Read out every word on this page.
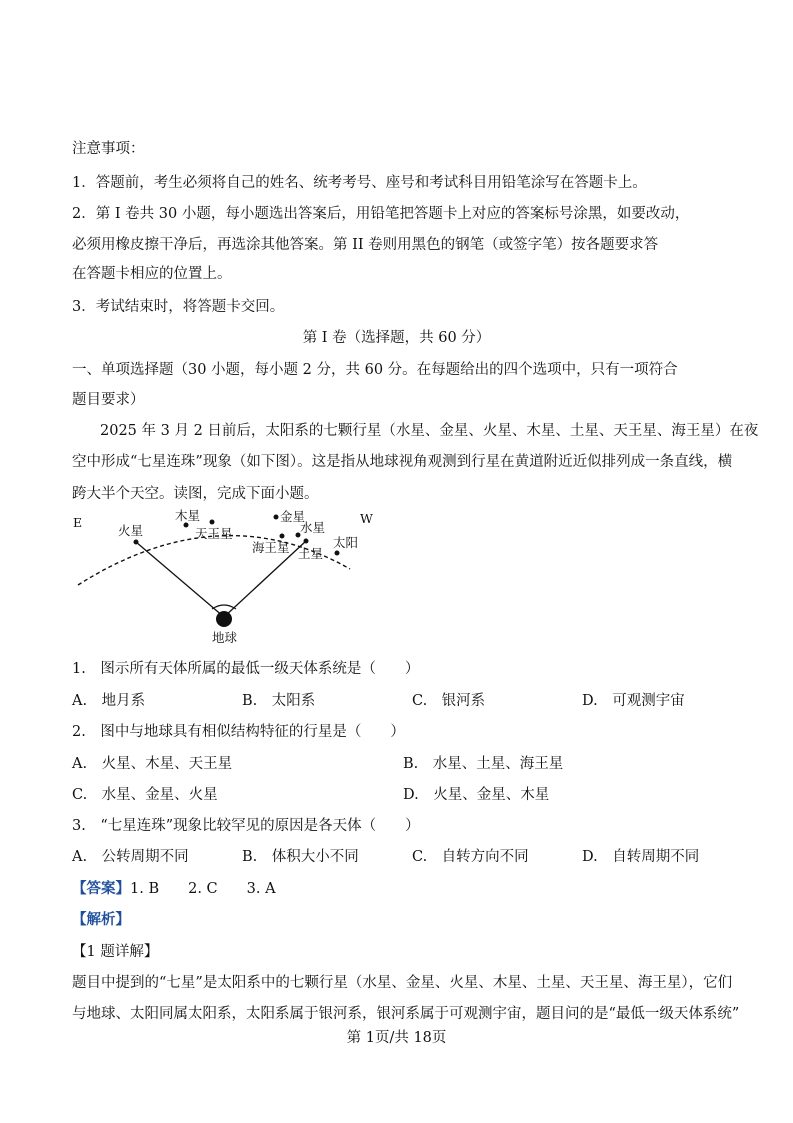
注意事项：
1．答题前，考生必须将自己的姓名、统考考号、座号和考试科目用铅笔涂写在答题卡上。
2．第 I 卷共 30 小题，每小题选出答案后，用铅笔把答题卡上对应的答案标号涂黑，如要改动，
必须用橡皮擦干净后，再选涂其他答案。第 II 卷则用黑色的钢笔（或签字笔）按各题要求答
在答题卡相应的位置上。
3．考试结束时，将答题卡交回。
第 I 卷（选择题，共 60 分）
一、单项选择题（30 小题，每小题 2 分，共 60 分。在每题给出的四个选项中，只有一项符合
题目要求）
2025 年 3 月 2 日前后，太阳系的七颗行星（水星、金星、火星、木星、土星、天王星、海王星）在夜
空中形成“七星连珠”现象（如下图）。这是指从地球视角观测到行星在黄道附近近似排列成一条直线，横
跨大半个天空。读图，完成下面小题。
E	W
火星
木星
天王星
金星
水星
海王星 土星
太阳
地球
1.　图示所有天体所属的最低一级天体系统是（　　）
A.　地月系	B.　太阳系	C.　银河系	D.　可观测宇宙
2.　图中与地球具有相似结构特征的行星是（　　）
A.　火星、木星、天王星	B.　水星、土星、海王星
C.　水星、金星、火星	D.　火星、金星、木星
3.　“七星连珠”现象比较罕见的原因是各天体（　　）
A.　公转周期不同	B.　体积大小不同	C.　自转方向不同	D.　自转周期不同
【答案】1. B　　2. C　　3. A
【解析】
【1 题详解】
题目中提到的“七星”是太阳系中的七颗行星（水星、金星、火星、木星、土星、天王星、海王星），它们
与地球、太阳同属太阳系，太阳系属于银河系，银河系属于可观测宇宙，题目问的是“最低一级天体系统”
第 1页/共 18页
